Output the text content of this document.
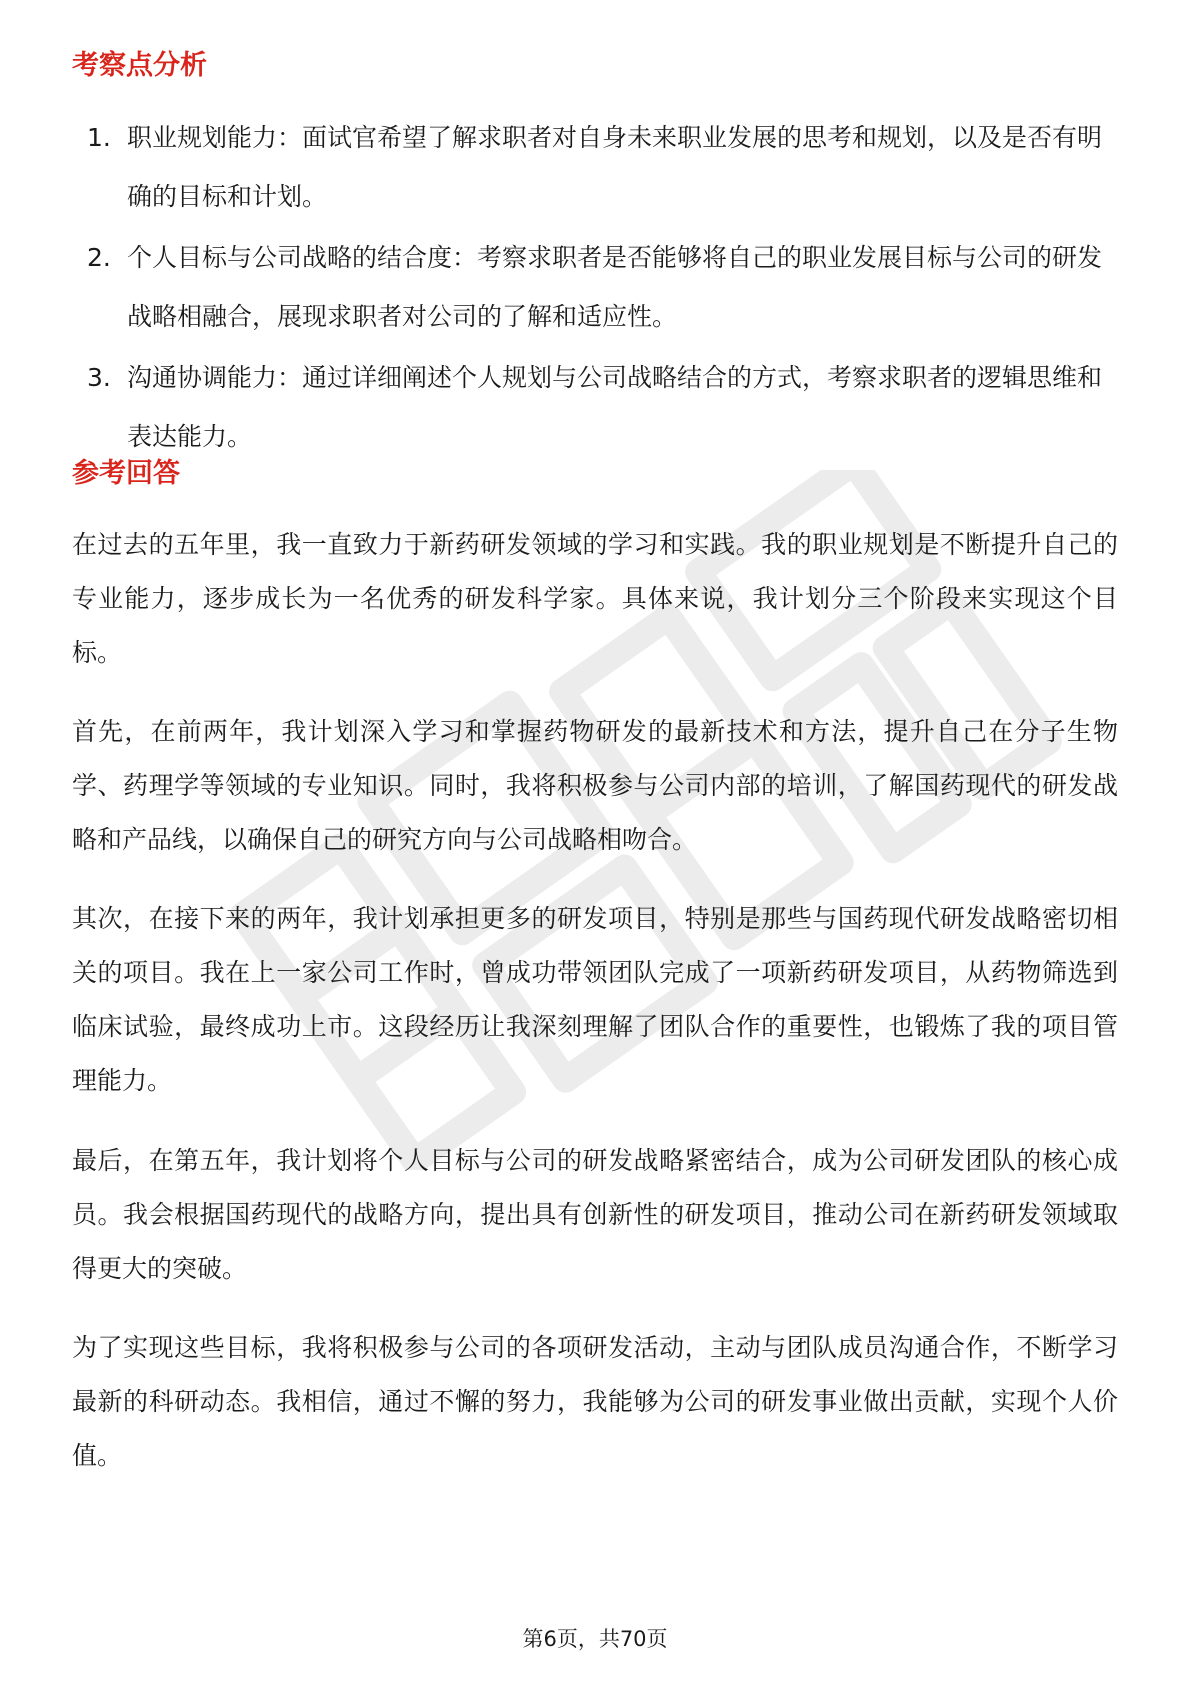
考察点分析
1. 职业规划能力：面试官希望了解求职者对自身未来职业发展的思考和规划，以及是否有明确的目标和计划。
2. 个人目标与公司战略的结合度：考察求职者是否能够将自己的职业发展目标与公司的研发战略相融合，展现求职者对公司的了解和适应性。
3. 沟通协调能力：通过详细阐述个人规划与公司战略结合的方式，考察求职者的逻辑思维和表达能力。
参考回答

在过去的五年里，我一直致力于新药研发领域的学习和实践。我的职业规划是不断提升自己的专业能力，逐步成长为一名优秀的研发科学家。具体来说，我计划分三个阶段来实现这个目标。

首先，在前两年，我计划深入学习和掌握药物研发的最新技术和方法，提升自己在分子生物学、药理学等领域的专业知识。同时，我将积极参与公司内部的培训，了解国药现代的研发战略和产品线，以确保自己的研究方向与公司战略相吻合。

其次，在接下来的两年，我计划承担更多的研发项目，特别是那些与国药现代研发战略密切相关的项目。我在上一家公司工作时，曾成功带领团队完成了一项新药研发项目，从药物筛选到临床试验，最终成功上市。这段经历让我深刻理解了团队合作的重要性，也锻炼了我的项目管理能力。

最后，在第五年，我计划将个人目标与公司的研发战略紧密结合，成为公司研发团队的核心成员。我会根据国药现代的战略方向，提出具有创新性的研发项目，推动公司在新药研发领域取得更大的突破。

为了实现这些目标，我将积极参与公司的各项研发活动，主动与团队成员沟通合作，不断学习最新的科研动态。我相信，通过不懈的努力，我能够为公司的研发事业做出贡献，实现个人价值。

第6页，共70页
